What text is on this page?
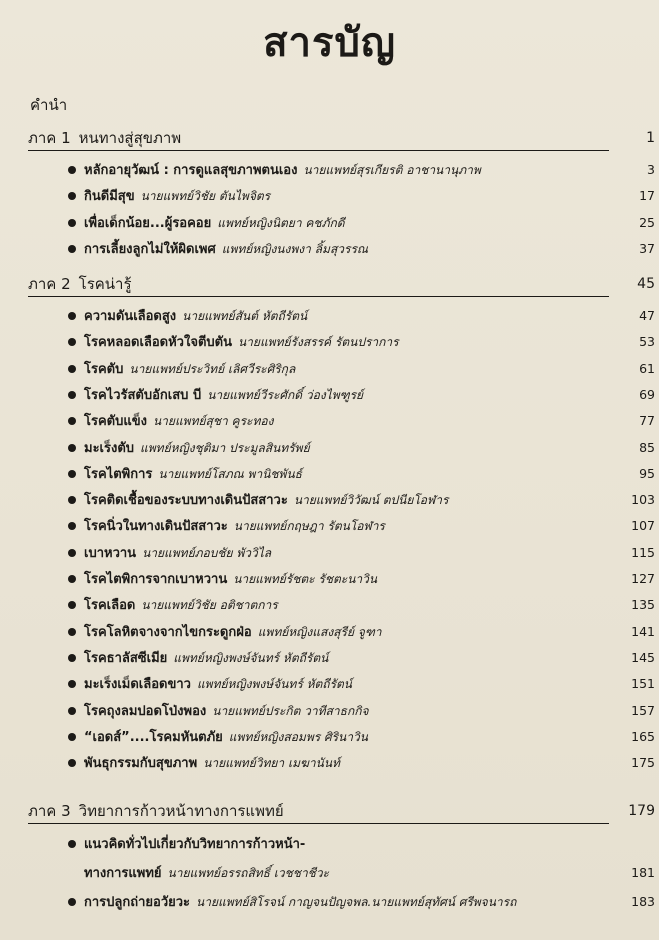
สารบัญ
คำนำ
ภาค 1 หนทางสู่สุขภาพ	1
หลักอายุวัฒน์ : การดูแลสุขภาพตนเอง นายแพทย์สุรเกียรติ อาชานานุภาพ	3
กินดีมีสุข นายแพทย์วิชัย ตันไพจิตร	17
เพื่อเด็กน้อย...ผู้รอคอย แพทย์หญิงนิตยา คชภักดี	25
การเลี้ยงลูกไม่ให้ผิดเพศ แพทย์หญิงนงพงา ลิ้มสุวรรณ	37
ภาค 2 โรคน่ารู้	45
ความดันเลือดสูง นายแพทย์สันต์ หัตถีรัตน์	47
โรคหลอดเลือดหัวใจตีบตัน นายแพทย์รังสรรค์ รัตนปราการ	53
โรคตับ นายแพทย์ประวิทย์ เลิศวีระศิริกุล	61
โรคไวรัสตับอักเสบ บี นายแพทย์วีระศักดิ์ ว่องไพฑูรย์	69
โรคตับแข็ง นายแพทย์สุชา คูระทอง	77
มะเร็งตับ แพทย์หญิงชุติมา ประมูลสินทรัพย์	85
โรคไตพิการ นายแพทย์โสภณ พานิชพันธ์	95
โรคติดเชื้อของระบบทางเดินปัสสาวะ นายแพทย์วิวัฒน์ ตปนียโอฬาร	103
โรคนิ่วในทางเดินปัสสาวะ นายแพทย์กฤษฎา รัตนโอฬาร	107
เบาหวาน นายแพทย์ภอบชัย พัววิไล	115
โรคไตพิการจากเบาหวาน นายแพทย์รัชตะ รัชตะนาวิน	127
โรคเลือด นายแพทย์วิชัย อติชาตการ	135
โรคโลหิตจางจากไขกระดูกฝ่อ แพทย์หญิงแสงสุรีย์ จูฑา	141
โรคธาลัสซีเมีย แพทย์หญิงพงษ์จันทร์ หัตถีรัตน์	145
มะเร็งเม็ดเลือดขาว แพทย์หญิงพงษ์จันทร์ หัตถีรัตน์	151
โรคถุงลมปอดโป่งพอง นายแพทย์ประกิต วาทีสาธกกิจ	157
“เอดส์”....โรคมหันตภัย แพทย์หญิงสอมพร ศิรินาวิน	165
พันธุกรรมกับสุขภาพ นายแพทย์วิทยา เมฆานันท์	175
ภาค 3 วิทยาการก้าวหน้าทางการแพทย์	179
แนวคิดทั่วไปเกี่ยวกับวิทยาการก้าวหน้า-
ทางการแพทย์ นายแพทย์อรรถสิทธิ์ เวชชาชีวะ	181
การปลูกถ่ายอวัยวะ นายแพทย์สิโรจน์ กาญจนปัญจพล.นายแพทย์สุทัศน์ ศรีพจนารถ	183
